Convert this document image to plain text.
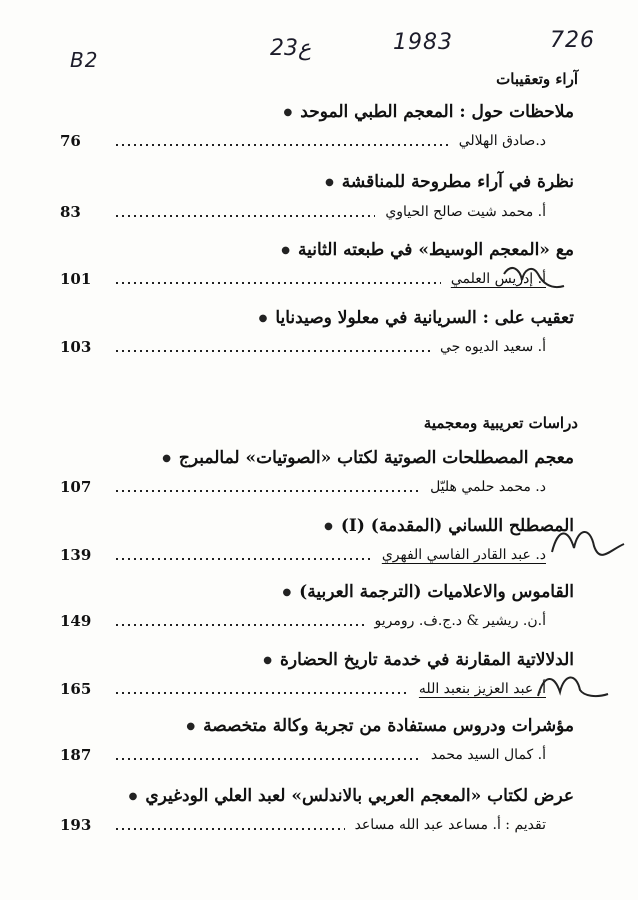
B2	23ع	1983	726
آراء وتعقيبات
ملاحظات حول : المعجم الطبي الموحد
●
76	د.صادق الهلالي
نظرة في آراء مطروحة للمناقشة
●
83	أ. محمد شيت صالح الحياوي
مع «المعجم الوسيط» في طبعته الثانية
●
101	أ. إدريس العلمي
تعقيب على : السريانية في معلولا وصيدنايا
●
103	أ. سعيد الديوه جي
دراسات تعريبية ومعجمية
معجم المصطلحات الصوتية لكتاب «الصوتيات» لمالمبرج
●
107	د. محمد حلمي هليّل
المصطلح اللساني (المقدمة) (I)
●
139	د. عبد القادر الفاسي الفهري
القاموس والاعلاميات (الترجمة العربية)
●
149	أ.ن. ريشير & د.ج.ف. رومريو
الدلالاتية المقارنة في خدمة تاريخ الحضارة
●
165	أ. عبد العزيز بنعبد الله
مؤشرات ودروس مستفادة من تجربة وكالة متخصصة
●
187	أ. كمال السيد محمد
عرض لكتاب «المعجم العربي بالاندلس» لعبد العلي الودغيري
●
193	تقديم : أ. مساعد عبد الله مساعد
